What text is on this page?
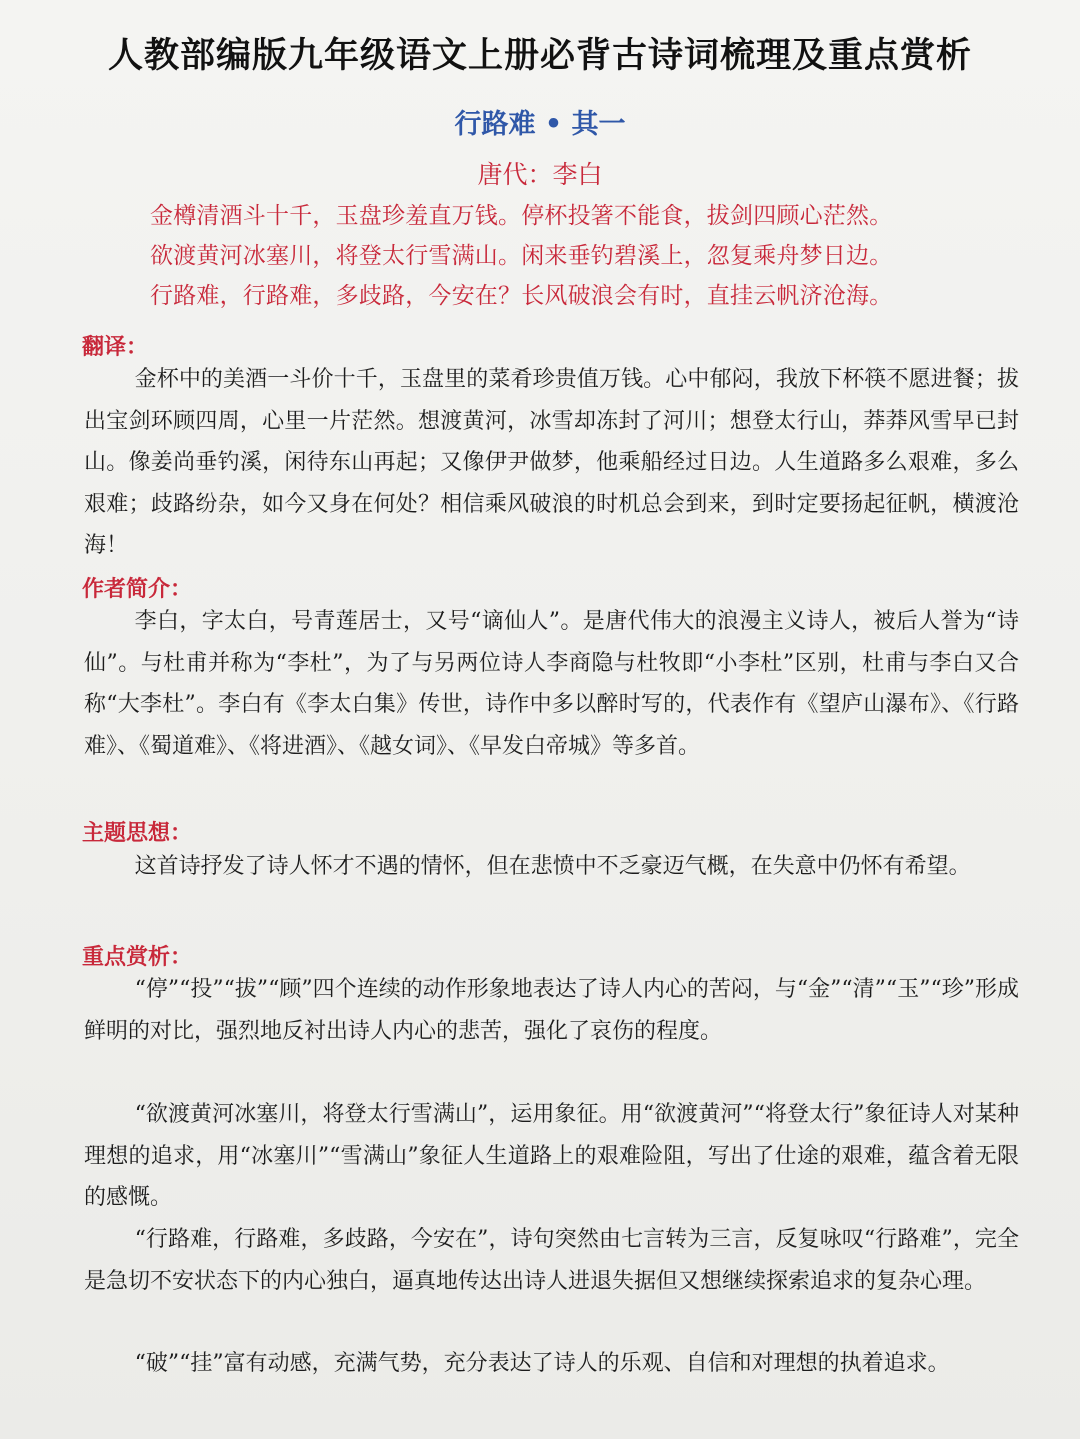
人教部编版九年级语文上册必背古诗词梳理及重点赏析
行路难 • 其一
唐代：李白
金樽清酒斗十千，玉盘珍羞直万钱。停杯投箸不能食，拔剑四顾心茫然。
欲渡黄河冰塞川，将登太行雪满山。闲来垂钓碧溪上，忽复乘舟梦日边。
行路难，行路难，多歧路，今安在？长风破浪会有时，直挂云帆济沧海。
翻译：

金杯中的美酒一斗价十千，玉盘里的菜肴珍贵值万钱。心中郁闷，我放下杯筷不愿进餐；拔出宝剑环顾四周，心里一片茫然。想渡黄河，冰雪却冻封了河川；想登太行山，莽莽风雪早已封山。像姜尚垂钓溪，闲待东山再起；又像伊尹做梦，他乘船经过日边。人生道路多么艰难，多么艰难；歧路纷杂，如今又身在何处？相信乘风破浪的时机总会到来，到时定要扬起征帆，横渡沧海！

作者简介：

李白，字太白，号青莲居士，又号“谪仙人”。是唐代伟大的浪漫主义诗人，被后人誉为“诗仙”。与杜甫并称为“李杜”，为了与另两位诗人李商隐与杜牧即“小李杜”区别，杜甫与李白又合称“大李杜”。李白有《李太白集》传世，诗作中多以醉时写的，代表作有《望庐山瀑布》、《行路难》、《蜀道难》、《将进酒》、《越女词》、《早发白帝城》等多首。

主题思想：

这首诗抒发了诗人怀才不遇的情怀，但在悲愤中不乏豪迈气概，在失意中仍怀有希望。

重点赏析：

“停”“投”“拔”“顾”四个连续的动作形象地表达了诗人内心的苦闷，与“金”“清”“玉”“珍”形成鲜明的对比，强烈地反衬出诗人内心的悲苦，强化了哀伤的程度。

“欲渡黄河冰塞川，将登太行雪满山”，运用象征。用“欲渡黄河”“将登太行”象征诗人对某种理想的追求，用“冰塞川”“雪满山”象征人生道路上的艰难险阻，写出了仕途的艰难，蕴含着无限的感慨。

“行路难，行路难，多歧路，今安在”，诗句突然由七言转为三言，反复咏叹“行路难”，完全是急切不安状态下的内心独白，逼真地传达出诗人进退失据但又想继续探索追求的复杂心理。

“破”“挂”富有动感，充满气势，充分表达了诗人的乐观、自信和对理想的执着追求。
